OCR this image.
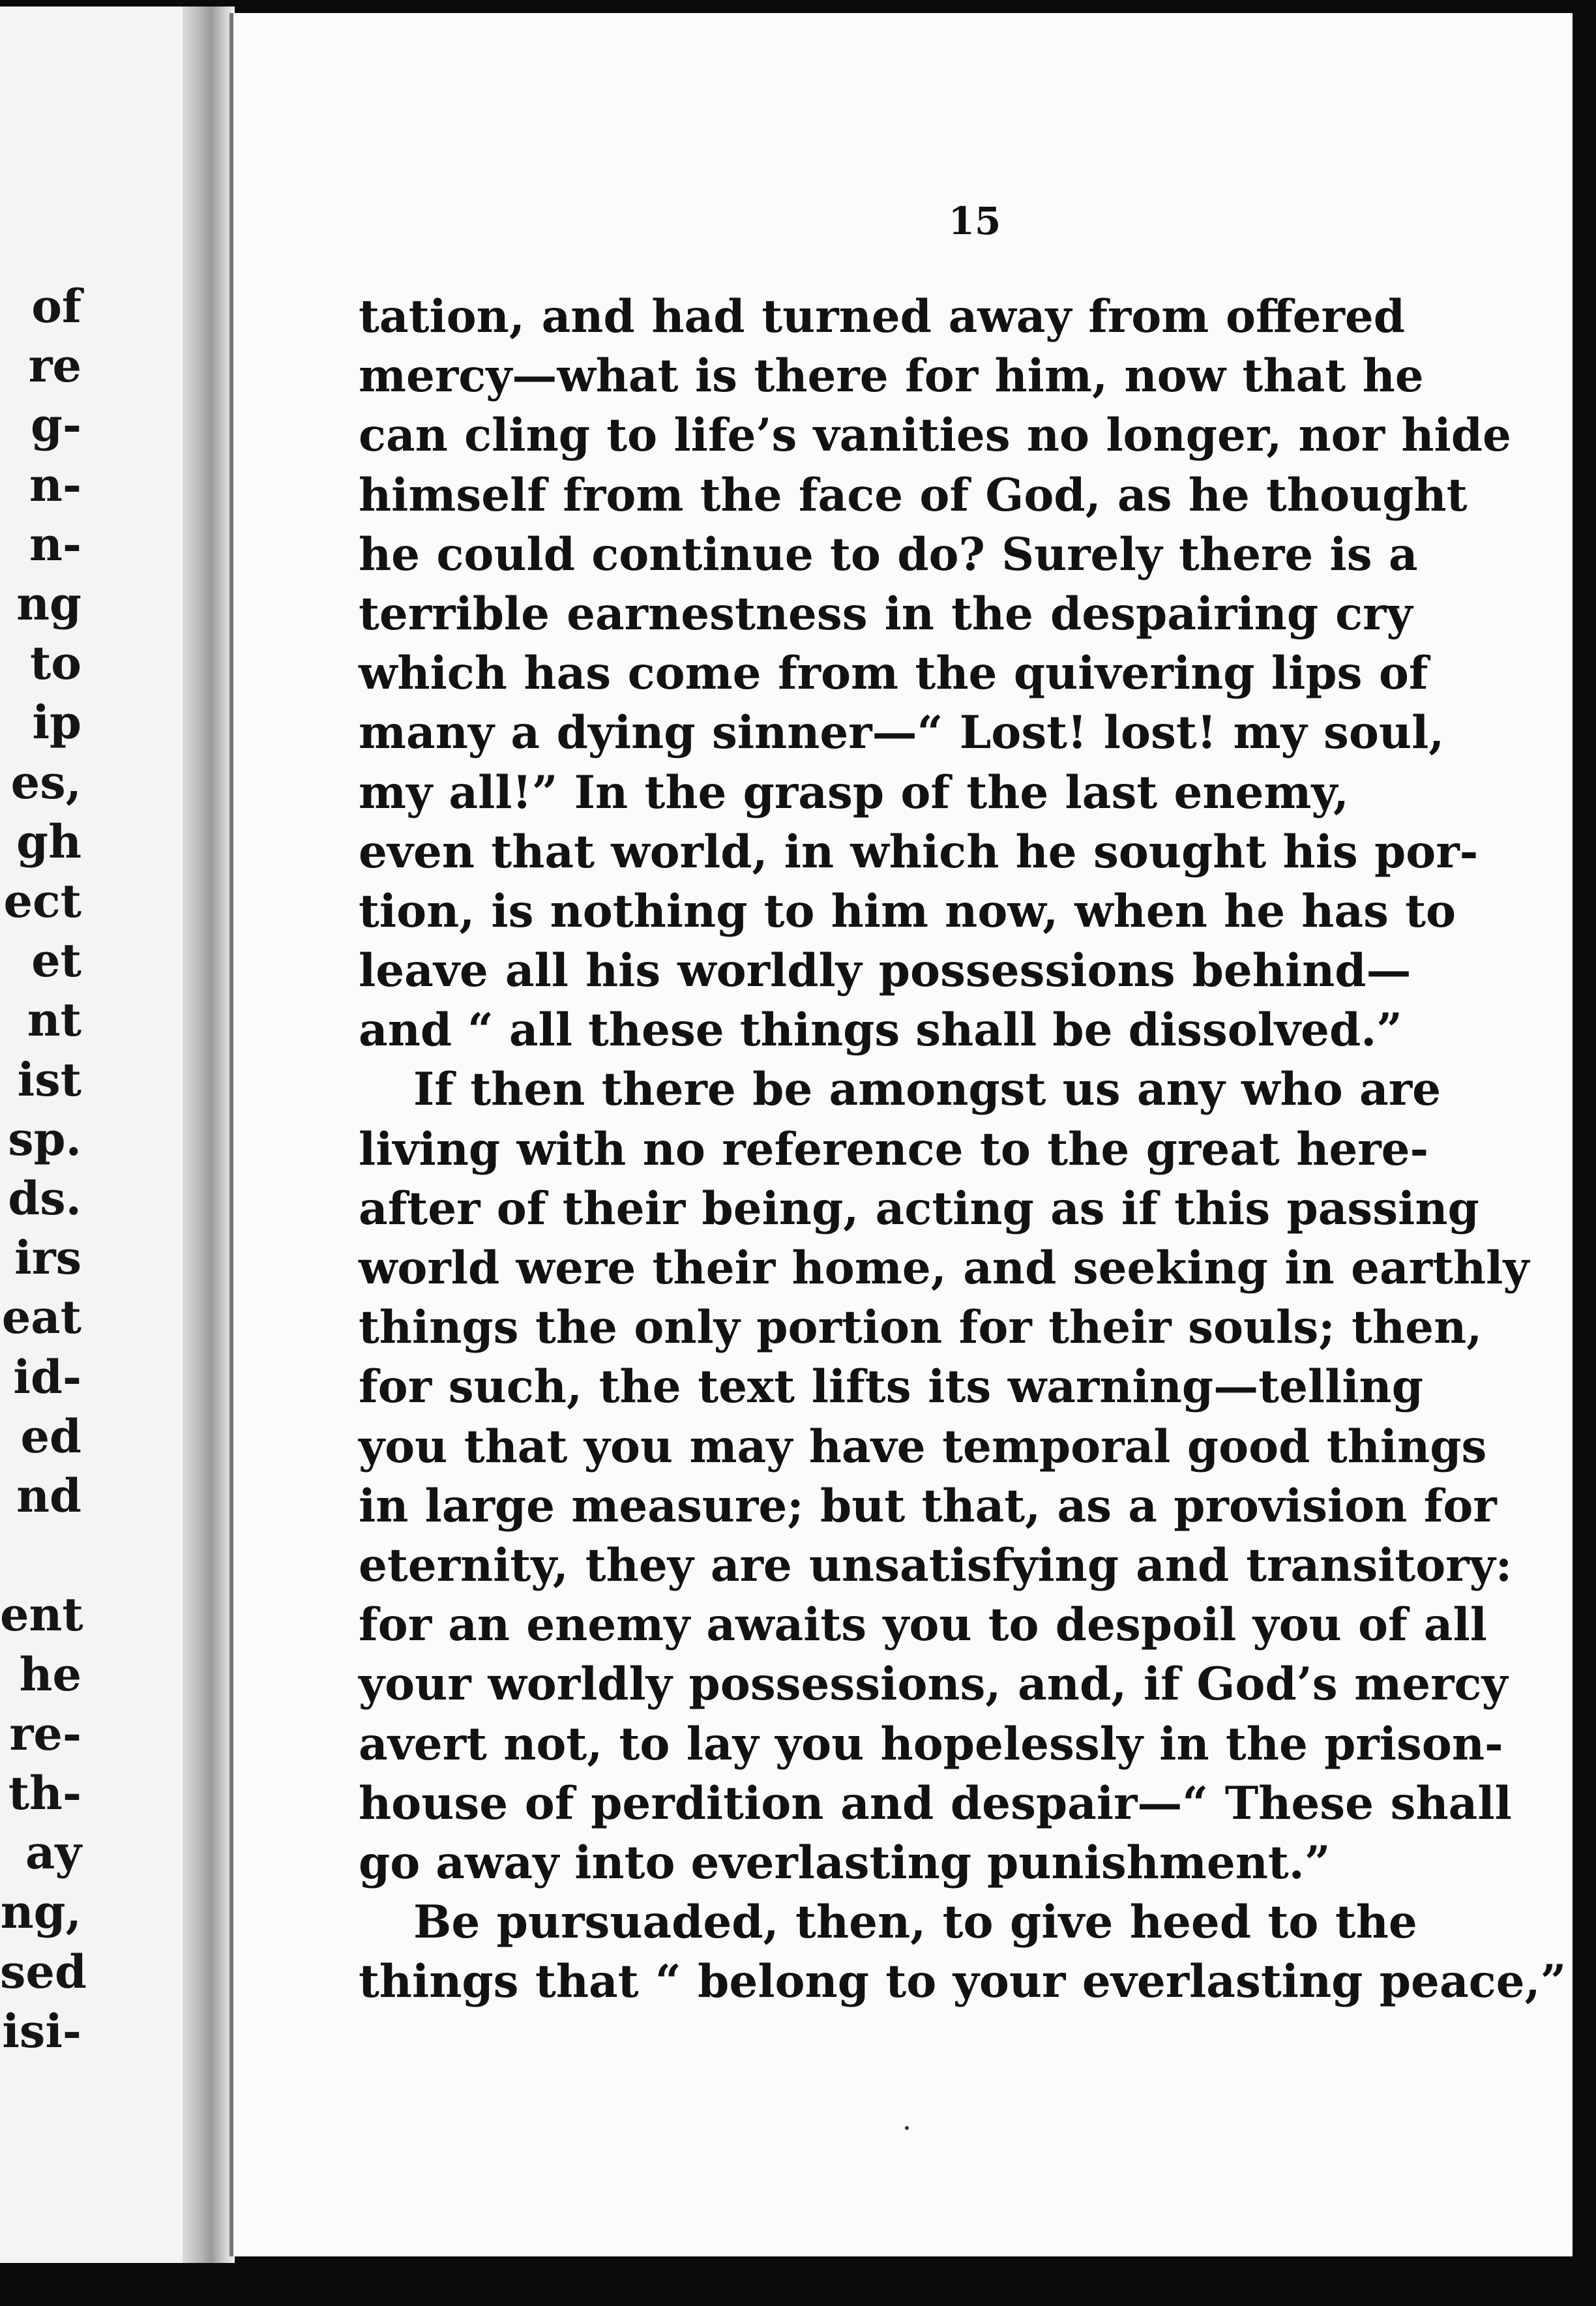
of
re
g-
n-
n-
ng
to
ip
es,
gh
ect
et
nt
ist
sp.
ds.
irs
eat
id-
ed
nd
ent
he
re-
th-
ay
ng,
sed
isi-
15
tation, and had turned away from offered
mercy—what is there for him, now that he
can cling to life’s vanities no longer, nor hide
himself from the face of God, as he thought
he could continue to do? Surely there is a
terrible earnestness in the despairing cry
which has come from the quivering lips of
many a dying sinner—“ Lost! lost! my soul,
my all!” In the grasp of the last enemy,
even that world, in which he sought his por-
tion, is nothing to him now, when he has to
leave all his worldly possessions behind—
and “ all these things shall be dissolved.”
If then there be amongst us any who are
living with no reference to the great here-
after of their being, acting as if this passing
world were their home, and seeking in earthly
things the only portion for their souls; then,
for such, the text lifts its warning—telling
you that you may have temporal good things
in large measure; but that, as a provision for
eternity, they are unsatisfying and transitory:
for an enemy awaits you to despoil you of all
your worldly possessions, and, if God’s mercy
avert not, to lay you hopelessly in the prison-
house of perdition and despair—“ These shall
go away into everlasting punishment.”
Be pursuaded, then, to give heed to the
things that “ belong to your everlasting peace,”
